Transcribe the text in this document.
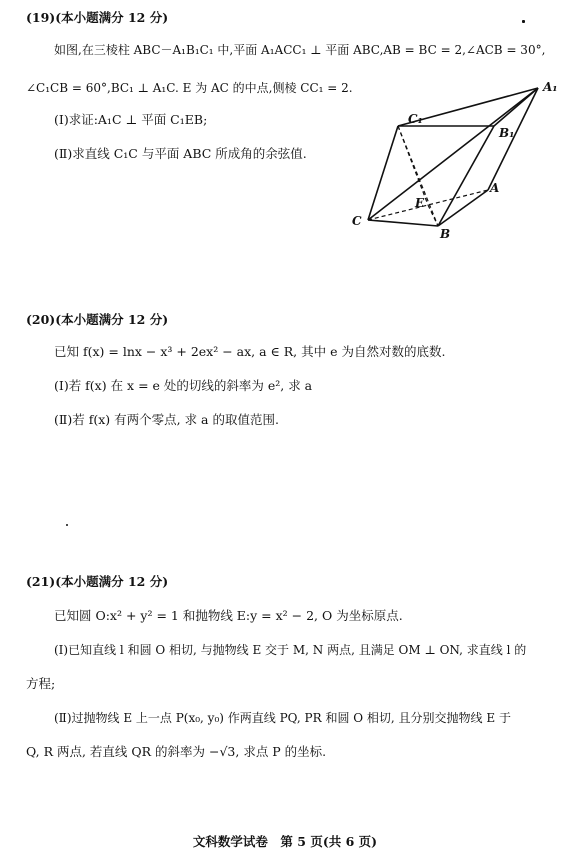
(19)(本小题满分 12 分)
如图,在三棱柱 ABC－A₁B₁C₁ 中,平面 A₁ACC₁ ⊥ 平面 ABC,AB = BC = 2,∠ACB = 30°,
∠C₁CB = 60°,BC₁ ⊥ A₁C. E 为 AC 的中点,侧棱 CC₁ = 2.
(Ⅰ)求证:A₁C ⊥ 平面 C₁EB;
(Ⅱ)求直线 C₁C 与平面 ABC 所成角的余弦值.
A₁
C₁
B₁
E
A
C
B
(20)(本小题满分 12 分)
已知 f(x) = lnx − x³ + 2ex² − ax, a ∈ R, 其中 e 为自然对数的底数.
(Ⅰ)若 f(x) 在 x = e 处的切线的斜率为 e², 求 a
(Ⅱ)若 f(x) 有两个零点, 求 a 的取值范围.
(21)(本小题满分 12 分)
已知圆 O:x² + y² = 1 和抛物线 E:y = x² − 2, O 为坐标原点.
(Ⅰ)已知直线 l 和圆 O 相切, 与抛物线 E 交于 M, N 两点, 且满足 OM ⊥ ON, 求直线 l 的
方程;
(Ⅱ)过抛物线 E 上一点 P(x₀, y₀) 作两直线 PQ, PR 和圆 O 相切, 且分别交抛物线 E 于
Q, R 两点, 若直线 QR 的斜率为 −√3, 求点 P 的坐标.
文科数学试卷　第 5 页(共 6 页)
